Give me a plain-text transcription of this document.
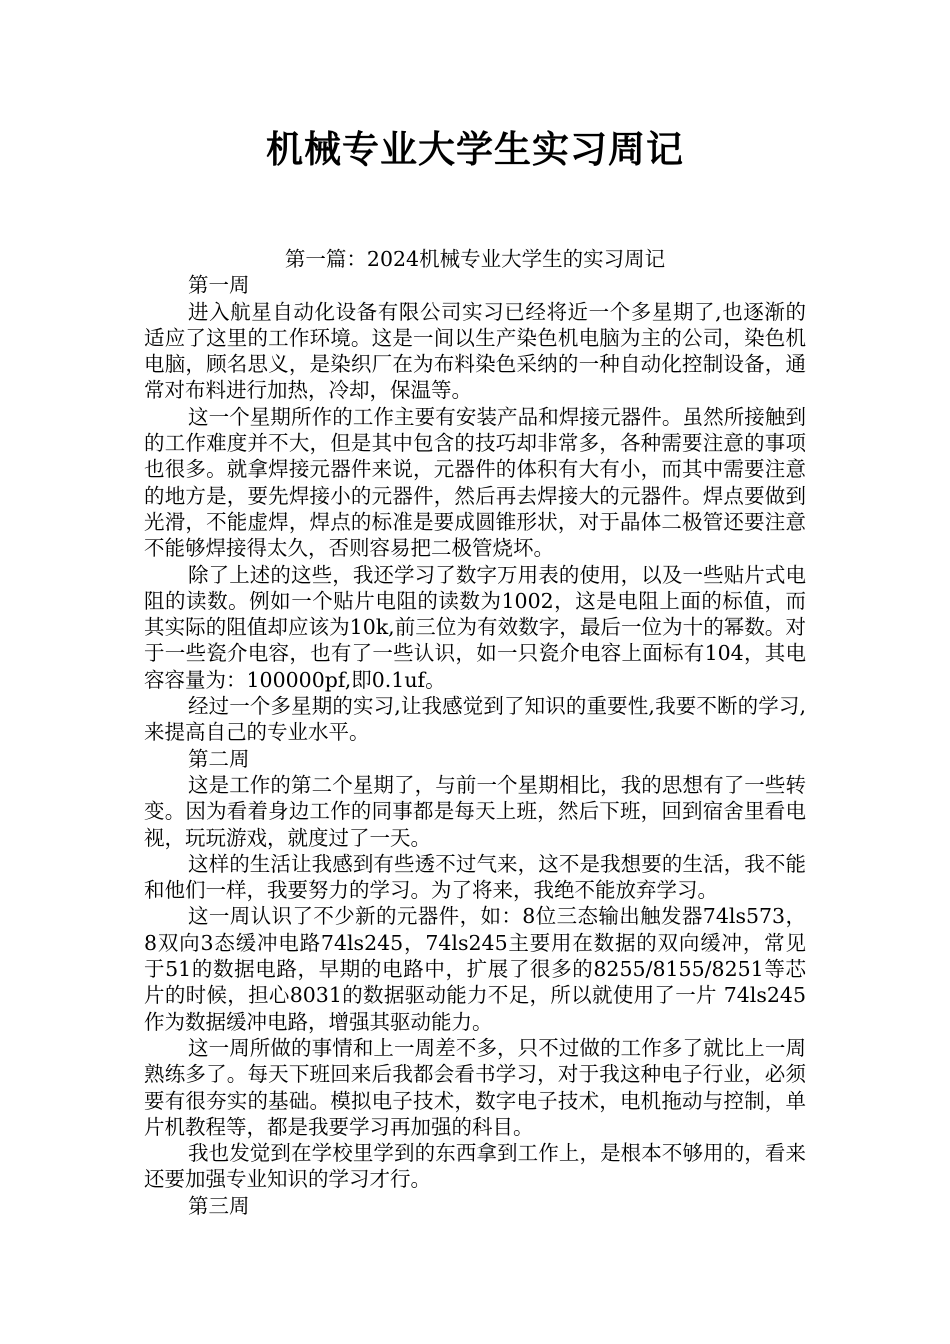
机械专业大学生实习周记

第一篇：2024机械专业大学生的实习周记

第一周

进入航星自动化设备有限公司实习已经将近一个多星期了,也逐渐的适应了这里的工作环境。这是一间以生产染色机电脑为主的公司，染色机电脑，顾名思义，是染织厂在为布料染色采纳的一种自动化控制设备，通常对布料进行加热，冷却，保温等。

这一个星期所作的工作主要有安装产品和焊接元器件。虽然所接触到的工作难度并不大，但是其中包含的技巧却非常多，各种需要注意的事项也很多。就拿焊接元器件来说，元器件的体积有大有小，而其中需要注意的地方是，要先焊接小的元器件，然后再去焊接大的元器件。焊点要做到光滑，不能虚焊，焊点的标准是要成圆锥形状，对于晶体二极管还要注意不能够焊接得太久，否则容易把二极管烧坏。

除了上述的这些，我还学习了数字万用表的使用，以及一些贴片式电阻的读数。例如一个贴片电阻的读数为1002，这是电阻上面的标值，而其实际的阻值却应该为10k,前三位为有效数字，最后一位为十的幂数。对于一些瓷介电容，也有了一些认识，如一只瓷介电容上面标有104，其电容容量为：100000pf,即0.1uf。

经过一个多星期的实习,让我感觉到了知识的重要性,我要不断的学习,来提高自己的专业水平。

第二周

这是工作的第二个星期了，与前一个星期相比，我的思想有了一些转变。因为看着身边工作的同事都是每天上班，然后下班，回到宿舍里看电视，玩玩游戏，就度过了一天。

这样的生活让我感到有些透不过气来，这不是我想要的生活，我不能和他们一样，我要努力的学习。为了将来，我绝不能放弃学习。

这一周认识了不少新的元器件，如：8位三态输出触发器74ls573，8双向3态缓冲电路74ls245，74ls245主要用在数据的双向缓冲，常见于51的数据电路，早期的电路中，扩展了很多的8255/8155/8251等芯片的时候，担心8031的数据驱动能力不足，所以就使用了一片 74ls245作为数据缓冲电路，增强其驱动能力。

这一周所做的事情和上一周差不多，只不过做的工作多了就比上一周熟练多了。每天下班回来后我都会看书学习，对于我这种电子行业，必须要有很夯实的基础。模拟电子技术，数字电子技术，电机拖动与控制，单片机教程等，都是我要学习再加强的科目。

我也发觉到在学校里学到的东西拿到工作上，是根本不够用的，看来还要加强专业知识的学习才行。

第三周
